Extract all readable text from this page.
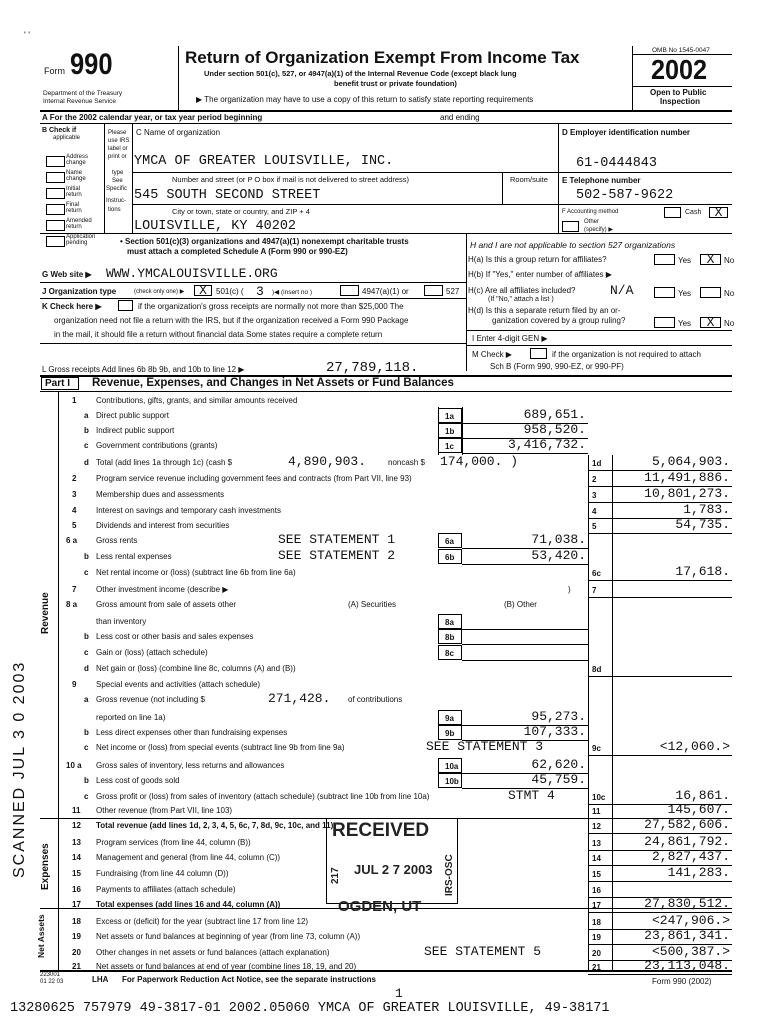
' '
Form 990
Department of the Treasury
Internal Revenue Service
Return of Organization Exempt From Income Tax
Under section 501(c), 527, or 4947(a)(1) of the Internal Revenue Code (except black lung
benefit trust or private foundation)
▶ The organization may have to use a copy of this return to satisfy state reporting requirements
OMB No 1545-0047
2002
Open to Public
Inspection
A For the 2002 calendar year, or tax year period beginning	and ending
B Check if
applicable
Address change
Name change
Initial return
Final return
Amended return
Application pending
Please
use IRS
label or
print or
type
See
Specific
Instruc-
tions
C Name of organization
YMCA OF GREATER LOUISVILLE, INC.
Number and street (or P O box if mail is not delivered to street address)	Room/suite
545 SOUTH SECOND STREET
City or town, state or country, and ZIP + 4
LOUISVILLE, KY 40202
D Employer identification number
61-0444843
E Telephone number
502-587-9622
F Accounting method	Cash	X
Other
(specify) ▶
• Section 501(c)(3) organizations and 4947(a)(1) nonexempt charitable trusts
must attach a completed Schedule A (Form 990 or 990-EZ)
H and I are not applicable to section 527 organizations
H(a) Is this a group return for affiliates?	Yes	X	No
H(b) If "Yes," enter number of affiliates ▶
H(c) Are all affiliates included?	N/A	Yes	No
(If "No," attach a list )
H(d) Is this a separate return filed by an or-
ganization covered by a group ruling?	Yes	X	No
I Enter 4-digit GEN ▶
M Check ▶	if the organization is not required to attach
Sch B (Form 990, 990-EZ, or 990-PF)
G Web site ▶ WWW.YMCALOUISVILLE.ORG
J Organization type	(check only one) ▶	X	501(c) ( 3 )◀ (insert no )	4947(a)(1) or	527
K Check here ▶	if the organization's gross receipts are normally not more than $25,000 The
organization need not file a return with the IRS, but if the organization received a Form 990 Package
in the mail, it should file a return without financial data Some states require a complete return
L Gross receipts Add lines 6b 8b 9b, and 10b to line 12 ▶	27,789,118.
Part I Revenue, Expenses, and Changes in Net Assets or Fund Balances
Revenue
Expenses
Net Assets
SCANNED JUL 3 0 2003
1 Contributions, gifts, grants, and similar amounts received
a Direct public support	1a	689,651.
b Indirect public support	1b	958,520.
c Government contributions (grants)	1c	3,416,732.
d Total (add lines 1a through 1c) (cash $	4,890,903.	noncash $ 174,000. )	1d	5,064,903.
2 Program service revenue including government fees and contracts (from Part VII, line 93)	2	11,491,886.
3 Membership dues and assessments	3	10,801,273.
4 Interest on savings and temporary cash investments	4	1,783.
5 Dividends and interest from securities	5	54,735.
6 a Gross rents	SEE STATEMENT 1	6a	71,038.
b Less rental expenses	SEE STATEMENT 2	6b	53,420.
c Net rental income or (loss) (subtract line 6b from line 6a)	6c	17,618.
7 Other investment income (describe ▶	)	7
8 a Gross amount from sale of assets other	(A) Securities	(B) Other
than inventory	8a
b Less cost or other basis and sales expenses	8b
c Gain or (loss) (attach schedule)	8c
d Net gain or (loss) (combine line 8c, columns (A) and (B))	8d
9 Special events and activities (attach schedule)
a Gross revenue (not including $	271,428. of contributions
reported on line 1a)	9a	95,273.
b Less direct expenses other than fundraising expenses	9b	107,333.
c Net income or (loss) from special events (subtract line 9b from line 9a)	SEE STATEMENT 3	9c	<12,060.>
10 a Gross sales of inventory, less returns and allowances	10a	62,620.
b Less cost of goods sold	10b	45,759.
c Gross profit or (loss) from sales of inventory (attach schedule) (subtract line 10b from line 10a)	STMT 4	10c	16,861.
11 Other revenue (from Part VII, line 103)	11	145,607.
12 Total revenue (add lines 1d, 2, 3, 4, 5, 6c, 7, 8d, 9c, 10c, and 11)	12	27,582,606.
13 Program services (from line 44, column (B))	13	24,861,792.
14 Management and general (from line 44, column (C))	14	2,827,437.
15 Fundraising (from line 44 column (D))	15	141,283.
16 Payments to affiliates (attach schedule)	16
17 Total expenses (add lines 16 and 44, column (A))	17	27,830,512.
18 Excess or (deficit) for the year (subtract line 17 from line 12)	18	<247,906.>
19 Net assets or fund balances at beginning of year (from line 73, column (A))	19	23,861,341.
20 Other changes in net assets or fund balances (attach explanation)	SEE STATEMENT 5	20	<500,387.>
21 Net assets or fund balances at end of year (combine lines 18, 19, and 20)	21	23,113,048.
RECEIVED
JUL 2 7 2003
217	IRS-OSC
OGDEN, UT
223001
01 22 03	LHA For Paperwork Reduction Act Notice, see the separate instructions	Form 990 (2002)
1
13280625 757979 49-3817-01 2002.05060 YMCA OF GREATER LOUISVILLE, 49-38171
